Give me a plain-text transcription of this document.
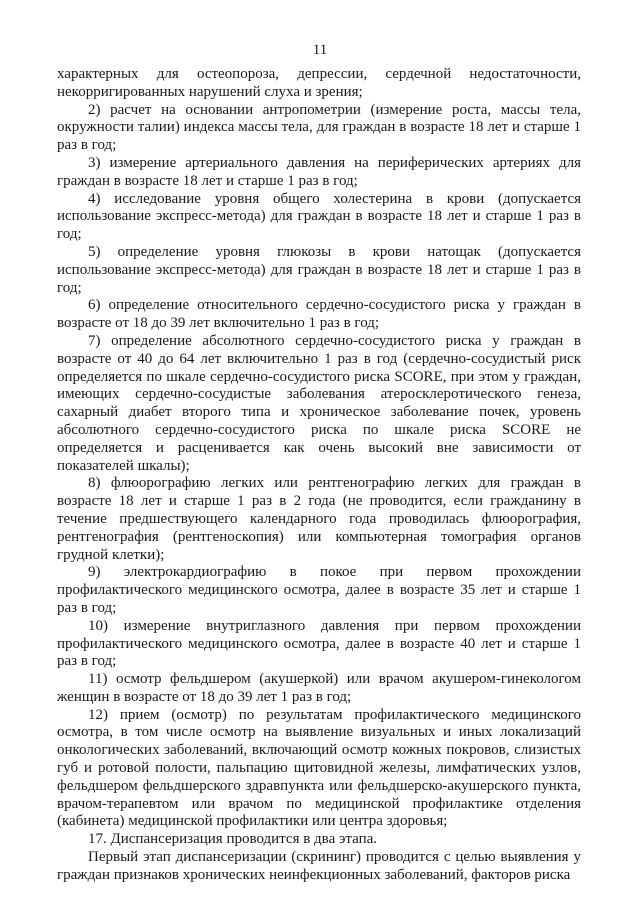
11

характерных для остеопороза, депрессии, сердечной недостаточности, некорригированных нарушений слуха и зрения;

2) расчет на основании антропометрии (измерение роста, массы тела, окружности талии) индекса массы тела, для граждан в возрасте 18 лет и старше 1 раз в год;

3) измерение артериального давления на периферических артериях для граждан в возрасте 18 лет и старше 1 раз в год;

4) исследование уровня общего холестерина в крови (допускается использование экспресс-метода) для граждан в возрасте 18 лет и старше 1 раз в год;

5) определение уровня глюкозы в крови натощак (допускается использование экспресс-метода) для граждан в возрасте 18 лет и старше 1 раз в год;

6) определение относительного сердечно-сосудистого риска у граждан в возрасте от 18 до 39 лет включительно 1 раз в год;

7) определение абсолютного сердечно-сосудистого риска у граждан в возрасте от 40 до 64 лет включительно 1 раз в год (сердечно-сосудистый риск определяется по шкале сердечно-сосудистого риска SCORE, при этом у граждан, имеющих сердечно-сосудистые заболевания атеросклеротического генеза, сахарный диабет второго типа и хроническое заболевание почек, уровень абсолютного сердечно-сосудистого риска по шкале риска SCORE не определяется и расценивается как очень высокий вне зависимости от показателей шкалы);

8) флюорографию легких или рентгенографию легких для граждан в возрасте 18 лет и старше 1 раз в 2 года (не проводится, если гражданину в течение предшествующего календарного года проводилась флюорография, рентгенография (рентгеноскопия) или компьютерная томография органов грудной клетки);

9) электрокардиографию в покое при первом прохождении профилактического медицинского осмотра, далее в возрасте 35 лет и старше 1 раз в год;

10) измерение внутриглазного давления при первом прохождении профилактического медицинского осмотра, далее в возрасте 40 лет и старше 1 раз в год;

11) осмотр фельдшером (акушеркой) или врачом акушером-гинекологом женщин в возрасте от 18 до 39 лет 1 раз в год;

12) прием (осмотр) по результатам профилактического медицинского осмотра, в том числе осмотр на выявление визуальных и иных локализаций онкологических заболеваний, включающий осмотр кожных покровов, слизистых губ и ротовой полости, пальпацию щитовидной железы, лимфатических узлов, фельдшером фельдшерского здравпункта или фельдшерско-акушерского пункта, врачом-терапевтом или врачом по медицинской профилактике отделения (кабинета) медицинской профилактики или центра здоровья;

17. Диспансеризация проводится в два этапа.

Первый этап диспансеризации (скрининг) проводится с целью выявления у граждан признаков хронических неинфекционных заболеваний, факторов риска
